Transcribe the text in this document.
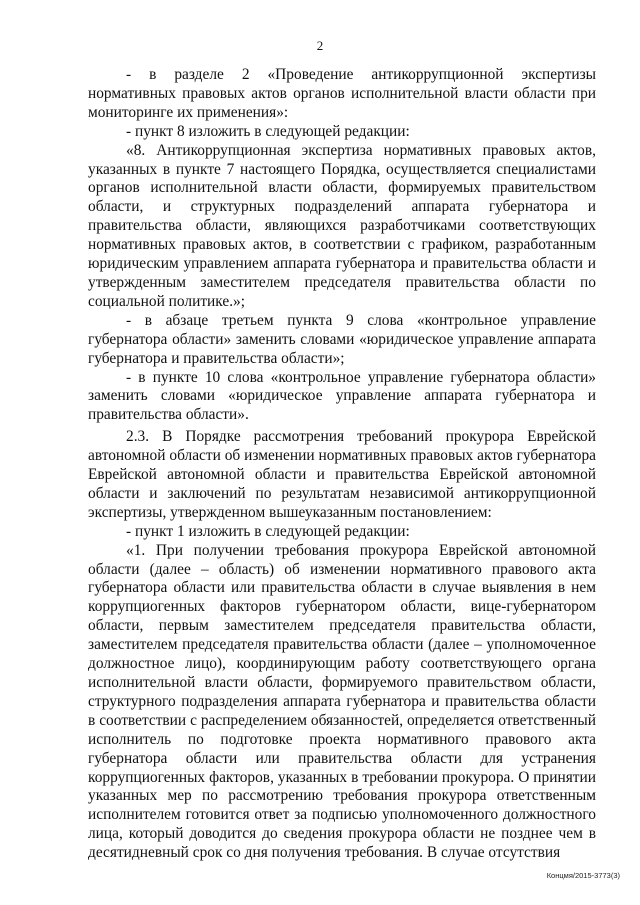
2

- в разделе 2 «Проведение антикоррупционной экспертизы нормативных правовых актов органов исполнительной власти области при мониторинге их применения»:

- пункт 8 изложить в следующей редакции:

«8. Антикоррупционная экспертиза нормативных правовых актов, указанных в пункте 7 настоящего Порядка, осуществляется специалистами органов исполнительной власти области, формируемых правительством области, и структурных подразделений аппарата губернатора и правительства области, являющихся разработчиками соответствующих нормативных правовых актов, в соответствии с графиком, разработанным юридическим управлением аппарата губернатора и правительства области и утвержденным заместителем председателя правительства области по социальной политике.»;

- в абзаце третьем пункта 9 слова «контрольное управление губернатора области» заменить словами «юридическое управление аппарата губернатора и правительства области»;

- в пункте 10 слова «контрольное управление губернатора области» заменить словами «юридическое управление аппарата губернатора и правительства области».

2.3. В Порядке рассмотрения требований прокурора Еврейской автономной области об изменении нормативных правовых актов губернатора Еврейской автономной области и правительства Еврейской автономной области и заключений по результатам независимой антикоррупционной экспертизы, утвержденном вышеуказанным постановлением:

- пункт 1 изложить в следующей редакции:

«1. При получении требования прокурора Еврейской автономной области (далее – область) об изменении нормативного правового акта губернатора области или правительства области в случае выявления в нем коррупциогенных факторов губернатором области, вице-губернатором области, первым заместителем председателя правительства области, заместителем председателя правительства области (далее – уполномоченное должностное лицо), координирующим работу соответствующего органа исполнительной власти области, формируемого правительством области, структурного подразделения аппарата губернатора и правительства области в соответствии с распределением обязанностей, определяется ответственный исполнитель по подготовке проекта нормативного правового акта губернатора области или правительства области для устранения коррупциогенных факторов, указанных в требовании прокурора. О принятии указанных мер по рассмотрению требования прокурора ответственным исполнителем готовится ответ за подписью уполномоченного должностного лица, который доводится до сведения прокурора области не позднее чем в десятидневный срок со дня получения требования. В случае отсутствия

Концмя/2015-3773(3)
